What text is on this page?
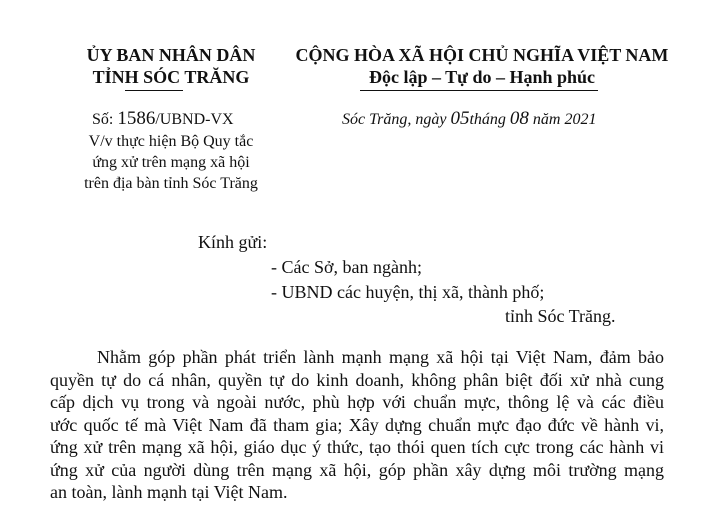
ỦY BAN NHÂN DÂN
TỈNH SÓC TRĂNG
CỘNG HÒA XÃ HỘI CHỦ NGHĨA VIỆT NAM
Độc lập – Tự do – Hạnh phúc
Số: 1586/UBND-VX
V/v thực hiện Bộ Quy tắc
ứng xử trên mạng xã hội
trên địa bàn tỉnh Sóc Trăng
Sóc Trăng, ngày 05tháng 08 năm 2021
Kính gửi:
- Các Sở, ban ngành;
- UBND các huyện, thị xã, thành phố;
tỉnh Sóc Trăng.
Nhằm góp phần phát triển lành mạnh mạng xã hội tại Việt Nam, đảm bảo
quyền tự do cá nhân, quyền tự do kinh doanh, không phân biệt đối xử nhà cung
cấp dịch vụ trong và ngoài nước, phù hợp với chuẩn mực, thông lệ và các điều
ước quốc tế mà Việt Nam đã tham gia; Xây dựng chuẩn mực đạo đức về hành vi,
ứng xử trên mạng xã hội, giáo dục ý thức, tạo thói quen tích cực trong các hành vi
ứng xử của người dùng trên mạng xã hội, góp phần xây dựng môi trường mạng
an toàn, lành mạnh tại Việt Nam.
